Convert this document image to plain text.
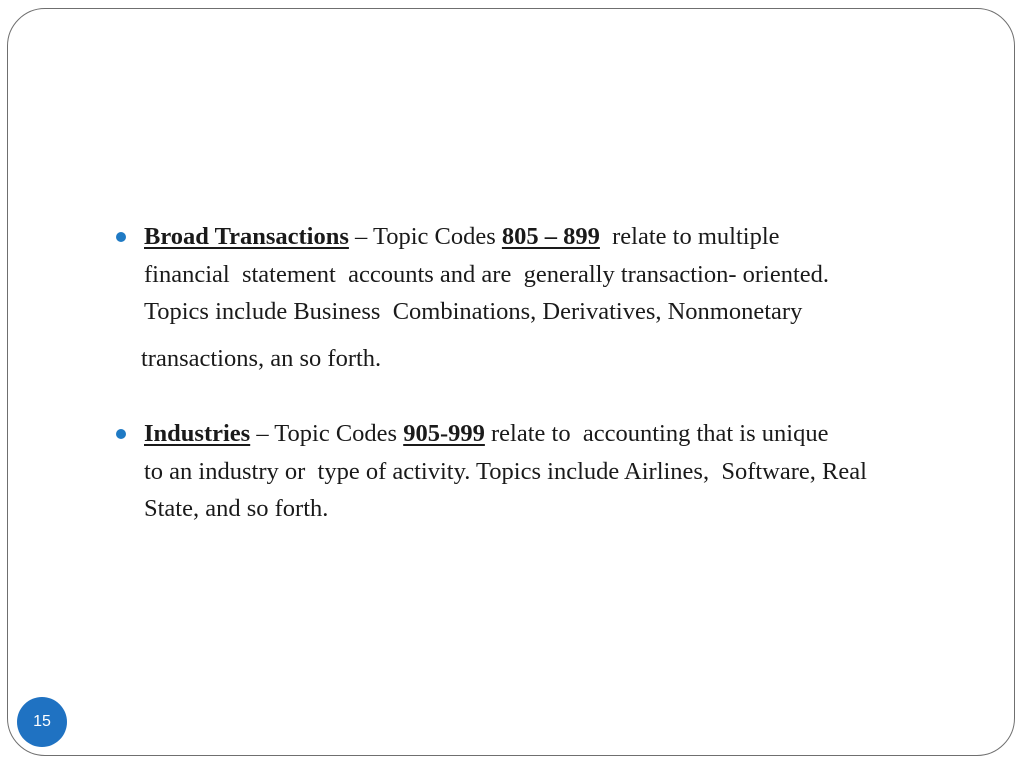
Broad Transactions – Topic Codes 805 – 899  relate to multiple
financial  statement  accounts and are  generally transaction- oriented.
Topics include Business  Combinations, Derivatives, Nonmonetary
transactions, an so forth.
Industries – Topic Codes 905-999 relate to  accounting that is unique
to an industry or  type of activity. Topics include Airlines,  Software, Real
State, and so forth.
15
